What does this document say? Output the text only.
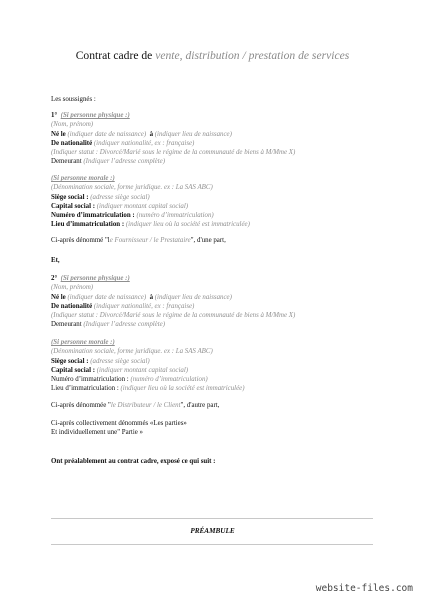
Contrat cadre de vente, distribution / prestation de services
Les soussignés :
1° (Si personne physique :)
(Nom, prénom)
Né le (indiquer date de naissance) à (indiquer lieu de naissance)
De nationalité (indiquer nationalité, ex : française)
(Indiquer statut : Divorcé/Marié sous le régime de la communauté de biens à M/Mme X)
Demeurant (Indiquer l’adresse complète)
(Si personne morale :)
(Dénomination sociale, forme juridique. ex : La SAS ABC)
Siège social : (adresse siège social)
Capital social : (indiquer montant capital social)
Numéro d’immatriculation : (numéro d’immatriculation)
Lieu d’immatriculation : (indiquer lieu où la société est immatriculée)
Ci-après dénommé "le Fournisseur / le Prestataire", d'une part,
Et,
2° (Si personne physique :)
(Nom, prénom)
Né le (indiquer date de naissance) à (indiquer lieu de naissance)
De nationalité (indiquer nationalité, ex : française)
(Indiquer statut : Divorcé/Marié sous le régime de la communauté de biens à M/Mme X)
Demeurant (Indiquer l’adresse complète)
(Si personne morale :)
(Dénomination sociale, forme juridique. ex : La SAS ABC)
Siège social : (adresse siège social)
Capital social : (indiquer montant capital social)
Numéro d’immatriculation : (numéro d’immatriculation)
Lieu d’immatriculation : (indiquer lieu où la société est immatriculée)
Ci-après dénommée "le Distributeur / le Client", d'autre part,
Ci-après collectivement dénommés «Les parties»
Et individuellement une" Partie »
Ont préalablement au contrat cadre, exposé ce qui suit :
PRÉAMBULE
website-files.com
